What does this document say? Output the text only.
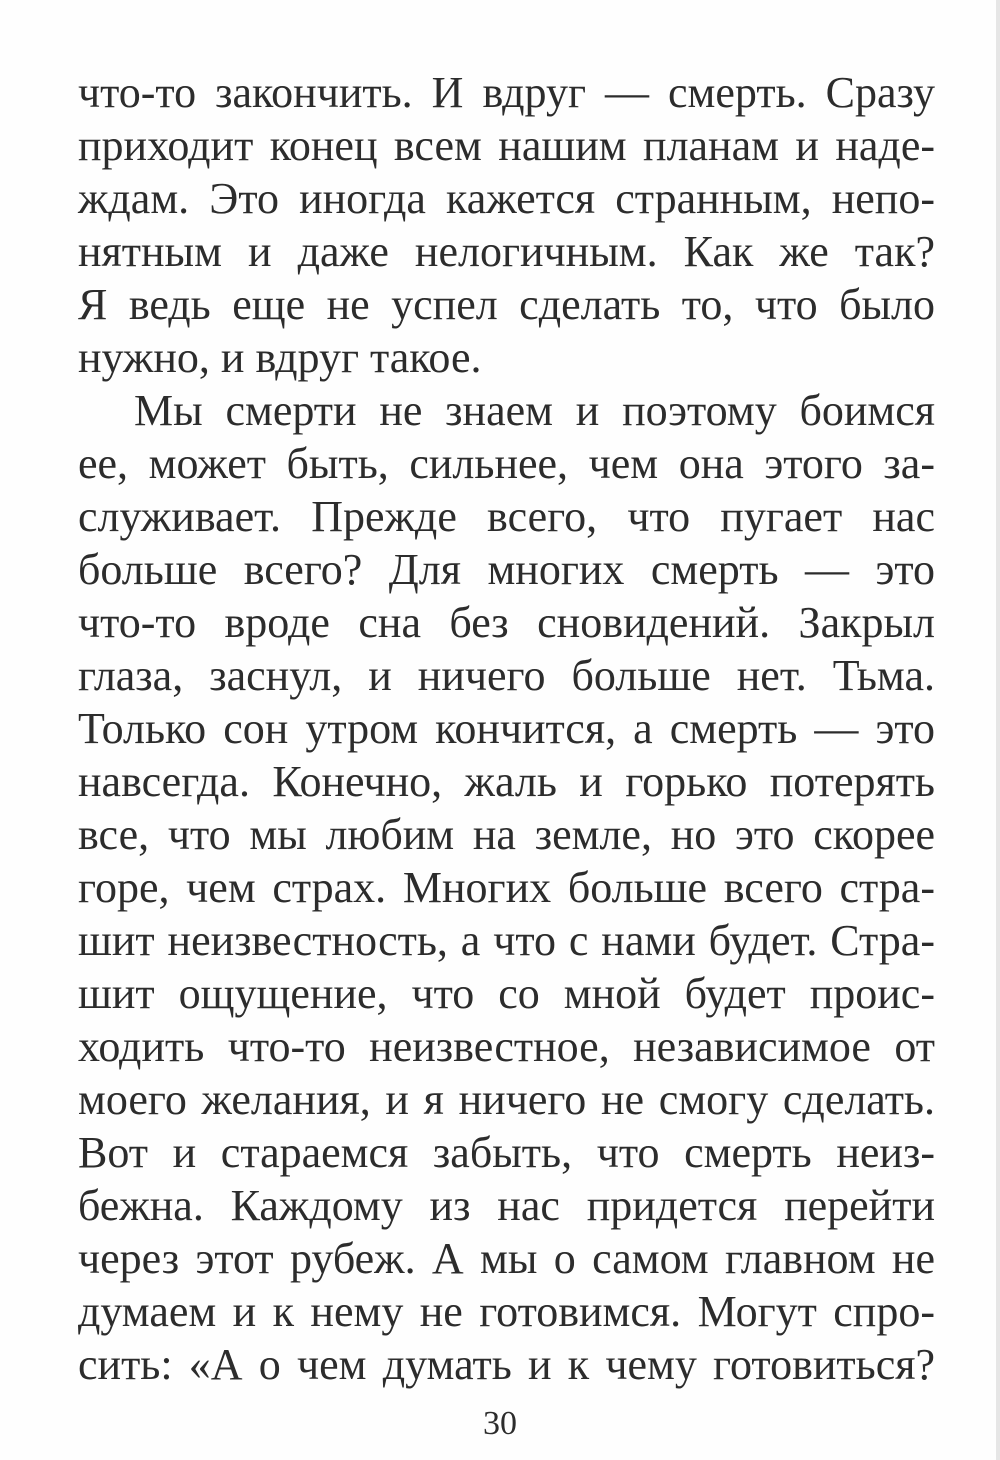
что-то закончить. И вдруг — смерть. Сразу
приходит конец всем нашим планам и наде-
ждам. Это иногда кажется странным, непо-
нятным и даже нелогичным. Как же так?
Я ведь еще не успел сделать то, что было
нужно, и вдруг такое.
Мы смерти не знаем и поэтому боимся
ее, может быть, сильнее, чем она этого за-
служивает. Прежде всего, что пугает нас
больше всего? Для многих смерть — это
что-то вроде сна без сновидений. Закрыл
глаза, заснул, и ничего больше нет. Тьма.
Только сон утром кончится, а смерть — это
навсегда. Конечно, жаль и горько потерять
все, что мы любим на земле, но это скорее
горе, чем страх. Многих больше всего стра-
шит неизвестность, а что с нами будет. Стра-
шит ощущение, что со мной будет проис-
ходить что-то неизвестное, независимое от
моего желания, и я ничего не смогу сделать.
Вот и стараемся забыть, что смерть неиз-
бежна. Каждому из нас придется перейти
через этот рубеж. А мы о самом главном не
думаем и к нему не готовимся. Могут спро-
сить: «А о чем думать и к чему готовиться?
30
